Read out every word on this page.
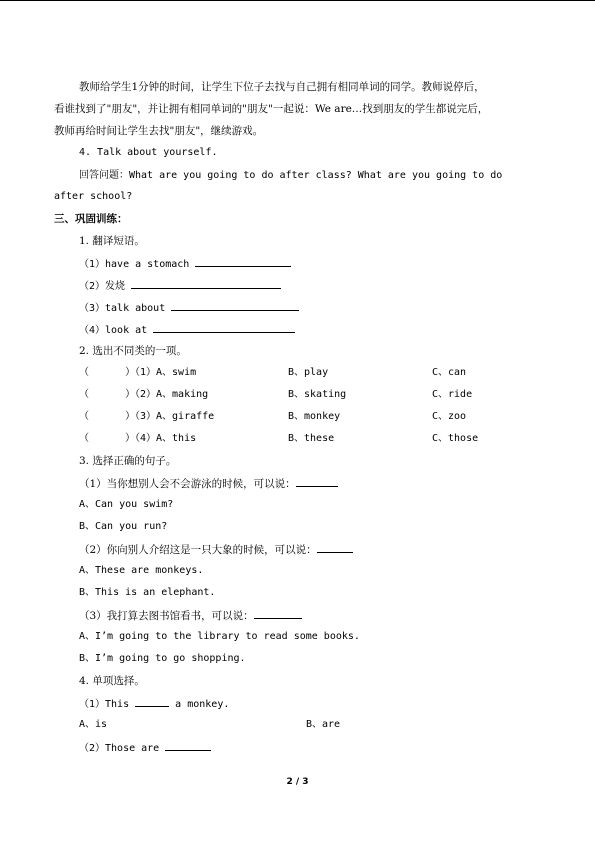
教师给学生1分钟的时间，让学生下位子去找与自己拥有相同单词的同学。教师说停后，
看谁找到了"朋友"，并让拥有相同单词的"朋友"一起说：We are…找到朋友的学生都说完后，
教师再给时间让学生去找"朋友"，继续游戏。
4. Talk about yourself.
回答问题：What are you going to do after class? What are you going to do
after school?
三、巩固训练：
1. 翻译短语。
（1）have a stomach
（2）发烧
（3）talk about
（4）look at
2. 选出不同类的一项。
（      ）
（1）A、swim	B、play	C、can
（      ）
（2）A、making	B、skating	C、ride
（      ）
（3）A、giraffe	B、monkey	C、zoo
（      ）
（4）A、this	B、these	C、those
3. 选择正确的句子。
（1）当你想别人会不会游泳的时候，可以说：
A、Can you swim?
B、Can you run?
（2）你向别人介绍这是一只大象的时候，可以说：
A、These are monkeys.
B、This is an elephant.
（3）我打算去图书馆看书，可以说：
A、I’m going to the library to read some books.
B、I’m going to go shopping.
4. 单项选择。
（1）This	a monkey.
A、is	B、are
（2）Those are
2 / 3
